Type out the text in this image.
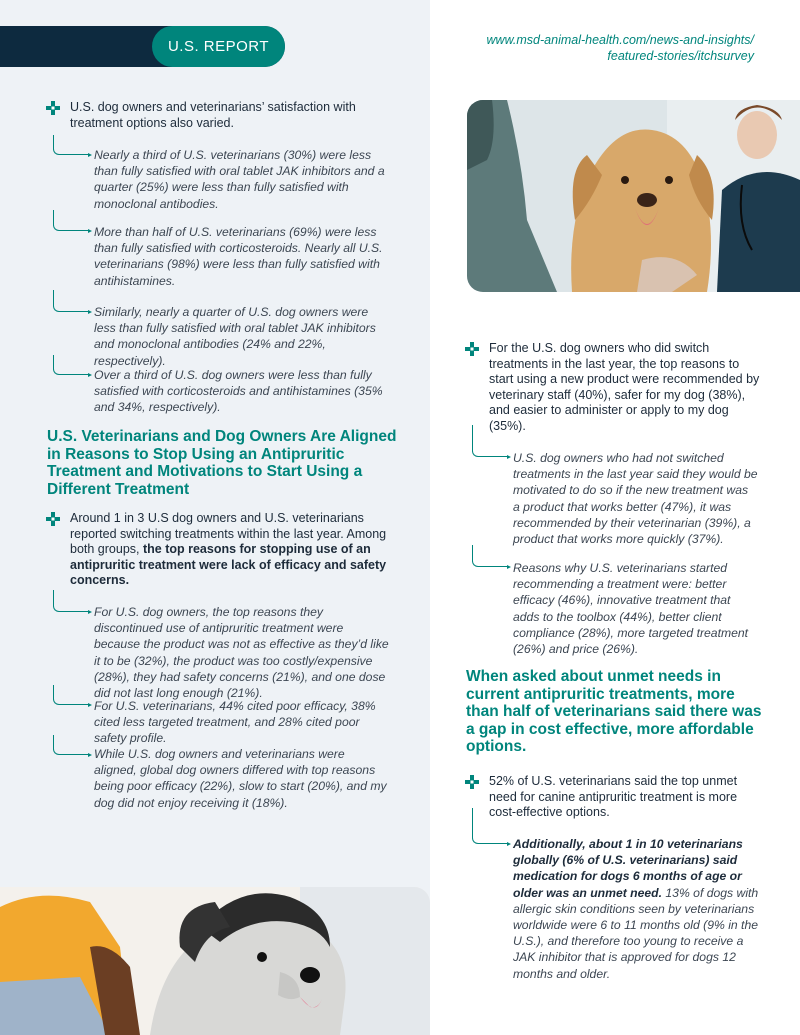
U.S. REPORT	www.msd-animal-health.com/news-and-insights/
featured-stories/itchsurvey
U.S. dog owners and veterinarians’ satisfaction with treatment options also varied.
Nearly a third of U.S. veterinarians (30%) were less than fully satisfied with oral tablet JAK inhibitors and a quarter (25%) were less than fully satisfied with monoclonal antibodies.
More than half of U.S. veterinarians (69%) were less than fully satisfied with corticosteroids. Nearly all U.S. veterinarians (98%) were less than fully satisfied with antihistamines.
Similarly, nearly a quarter of U.S. dog owners were less than fully satisfied with oral tablet JAK inhibitors and monoclonal antibodies (24% and 22%, respectively).
Over a third of U.S. dog owners were less than fully satisfied with corticosteroids and antihistamines (35% and 34%, respectively).
U.S. Veterinarians and Dog Owners Are Aligned in Reasons to Stop Using an Antipruritic Treatment and Motivations to Start Using a Different Treatment
Around 1 in 3 U.S dog owners and U.S. veterinarians reported switching treatments within the last year. Among both groups, the top reasons for stopping use of an antipruritic treatment were lack of efficacy and safety concerns.
For U.S. dog owners, the top reasons they discontinued use of antipruritic treatment were because the product was not as effective as they’d like it to be (32%), the product was too costly/expensive (28%), they had safety concerns (21%), and one dose did not last long enough (21%).
For U.S. veterinarians, 44% cited poor efficacy, 38% cited less targeted treatment, and 28% cited poor safety profile.
While U.S. dog owners and veterinarians were aligned, global dog owners differed with top reasons being poor efficacy (22%), slow to start (20%), and my dog did not enjoy receiving it (18%).
For the U.S. dog owners who did switch treatments in the last year, the top reasons to start using a new product were recommended by veterinary staff (40%), safer for my dog (38%), and easier to administer or apply to my dog (35%).
U.S. dog owners who had not switched treatments in the last year said they would be motivated to do so if the new treatment was a product that works better (47%), it was recommended by their veterinarian (39%), a product that works more quickly (37%).
Reasons why U.S. veterinarians started recommending a treatment were: better efficacy (46%), innovative treatment that adds to the toolbox (44%), better client compliance (28%), more targeted treatment (26%) and price (26%).
When asked about unmet needs in current antipruritic treatments, more than half of veterinarians said there was a gap in cost effective, more affordable options.
52% of U.S. veterinarians said the top unmet need for canine antipruritic treatment is more cost-effective options.
Additionally, about 1 in 10 veterinarians globally (6% of U.S. veterinarians) said medication for dogs 6 months of age or older was an unmet need. 13% of dogs with allergic skin conditions seen by veterinarians worldwide were 6 to 11 months old (9% in the U.S.), and therefore too young to receive a JAK inhibitor that is approved for dogs 12 months and older.
